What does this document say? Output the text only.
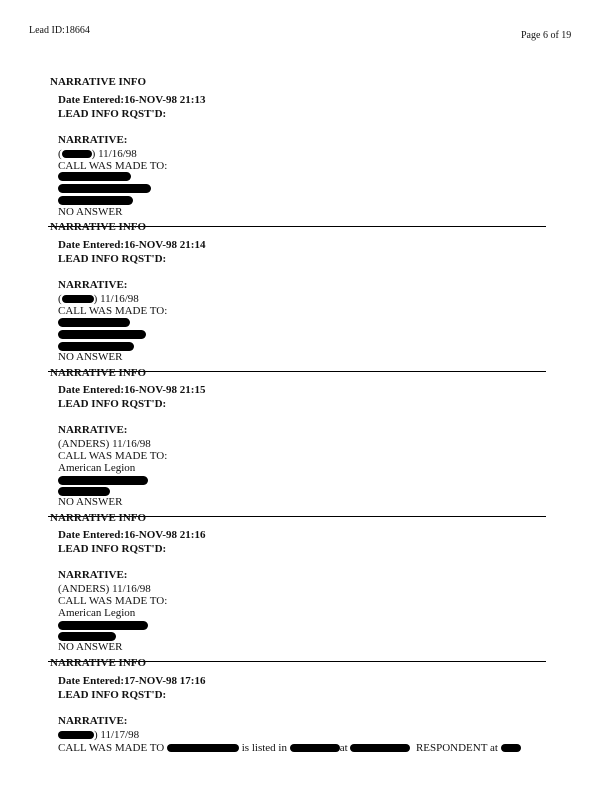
Lead ID:18664	Page 6 of 19
NARRATIVE INFO
Date Entered:16-NOV-98 21:13
LEAD INFO RQST'D:
NARRATIVE:
(	) 11/16/98
CALL WAS MADE TO:
NO ANSWER
NARRATIVE INFO
Date Entered:16-NOV-98 21:14
LEAD INFO RQST'D:
NARRATIVE:
(	) 11/16/98
CALL WAS MADE TO:
NO ANSWER
NARRATIVE INFO
Date Entered:16-NOV-98 21:15
LEAD INFO RQST'D:
NARRATIVE:
(ANDERS) 11/16/98
CALL WAS MADE TO:
American Legion
NO ANSWER
NARRATIVE INFO
Date Entered:16-NOV-98 21:16
LEAD INFO RQST'D:
NARRATIVE:
(ANDERS) 11/16/98
CALL WAS MADE TO:
American Legion
NO ANSWER
NARRATIVE INFO
Date Entered:17-NOV-98 17:16
LEAD INFO RQST'D:
NARRATIVE:
) 11/17/98
CALL WAS MADE TO	is listed in	at	RESPONDENT at
